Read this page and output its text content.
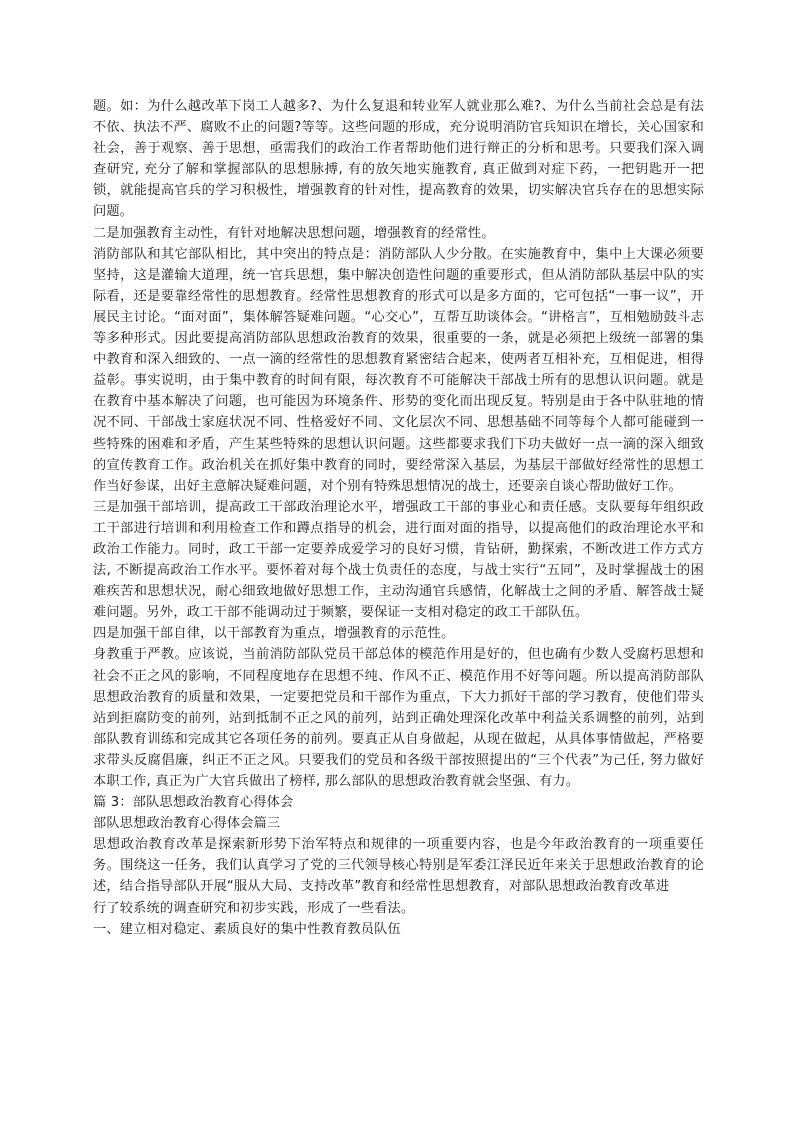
题。如：为什么越改革下岗工人越多?、为什么复退和转业军人就业那么难?、为什么当前社会总是有法不依、执法不严、腐败不止的问题?等等。这些问题的形成，充分说明消防官兵知识在增长，关心国家和社会，善于观察、善于思想，亟需我们的政治工作者帮助他们进行辩正的分析和思考。只要我们深入调查研究, 充分了解和掌握部队的思想脉搏, 有的放矢地实施教育, 真正做到对症下药，一把钥匙开一把锁，就能提高官兵的学习积极性，增强教育的针对性，提高教育的效果，切实解决官兵存在的思想实际问题。

二是加强教育主动性，有针对地解决思想问题，增强教育的经常性。

消防部队和其它部队相比，其中突出的特点是：消防部队人少分散。在实施教育中，集中上大课必须要坚持，这是灌输大道理，统一官兵思想，集中解决创造性问题的重要形式，但从消防部队基层中队的实际看，还是要靠经常性的思想教育。经常性思想教育的形式可以是多方面的，它可包括“一事一议”，开展民主讨论。“面对面”，集体解答疑难问题。“心交心”，互帮互助谈体会。“讲格言”，互相勉励鼓斗志等多种形式。因此要提高消防部队思想政治教育的效果，很重要的一条，就是必须把上级统一部署的集中教育和深入细致的、一点一滴的经常性的思想教育紧密结合起来，使两者互相补充，互相促进，相得益彰。事实说明，由于集中教育的时间有限，每次教育不可能解决干部战士所有的思想认识问题。就是在教育中基本解决了问题，也可能因为环境条件、形势的变化而出现反复。特别是由于各中队驻地的情况不同、干部战士家庭状况不同、性格爱好不同、文化层次不同、思想基础不同等每个人都可能碰到一些特殊的困难和矛盾，产生某些特殊的思想认识问题。这些都要求我们下功夫做好一点一滴的深入细致的宣传教育工作。政治机关在抓好集中教育的同时，要经常深入基层，为基层干部做好经常性的思想工作当好参谋，出好主意解决疑难问题，对个别有特殊思想情况的战士，还要亲自谈心帮助做好工作。

三是加强干部培训，提高政工干部政治理论水平，增强政工干部的事业心和责任感。支队要每年组织政工干部进行培训和利用检查工作和蹲点指导的机会，进行面对面的指导，以提高他们的政治理论水平和政治工作能力。同时，政工干部一定要养成爱学习的良好习惯，肯钻研，勤探索，不断改进工作方式方法, 不断提高政治工作水平。要怀着对每个战士负责任的态度，与战士实行“五同”，及时掌握战士的困难疾苦和思想状况，耐心细致地做好思想工作，主动沟通官兵感情，化解战士之间的矛盾、解答战士疑难问题。另外，政工干部不能调动过于频繁，要保证一支相对稳定的政工干部队伍。

四是加强干部自律，以干部教育为重点，增强教育的示范性。

身教重于严教。应该说，当前消防部队党员干部总体的模范作用是好的，但也确有少数人受腐朽思想和社会不正之风的影响，不同程度地存在思想不纯、作风不正、模范作用不好等问题。所以提高消防部队思想政治教育的质量和效果，一定要把党员和干部作为重点，下大力抓好干部的学习教育，使他们带头站到拒腐防变的前列，站到抵制不正之风的前列，站到正确处理深化改革中利益关系调整的前列，站到部队教育训练和完成其它各项任务的前列。要真正从自身做起，从现在做起，从具体事情做起，严格要求带头反腐倡廉，纠正不正之风。只要我们的党员和各级干部按照提出的“三个代表”为己任, 努力做好本职工作, 真正为广大官兵做出了榜样, 那么部队的思想政治教育就会坚强、有力。

篇 3：部队思想政治教育心得体会

部队思想政治教育心得体会篇三

思想政治教育改革是探索新形势下治军特点和规律的一项重要内容，也是今年政治教育的一项重要任务。围绕这一任务，我们认真学习了党的三代领导核心特别是军委江泽民近年来关于思想政治教育的论述，结合指导部队开展“服从大局、支持改革”教育和经常性思想教育，对部队思想政治教育改革进

行了较系统的调查研究和初步实践，形成了一些看法。

一、建立相对稳定、素质良好的集中性教育教员队伍
